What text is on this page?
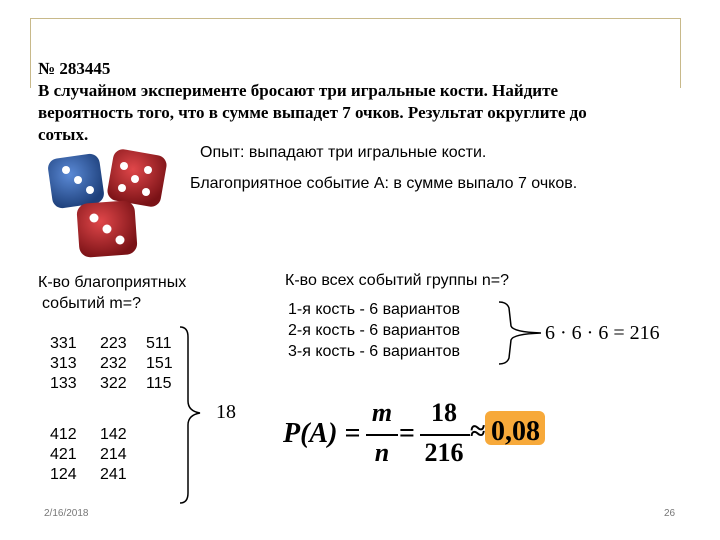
№ 283445
В случайном эксперименте бросают три игральные кости. Найдите
вероятность того, что в сумме выпадет 7 очков. Результат округлите до
сотых.
Опыт: выпадают три игральные кости.
Благоприятное событие А: в сумме выпало 7 очков.
К-во благоприятных
событий m=?
331
313
133
223
232
322
511
151
115
412
421
124
142
214
241
18
К-во всех событий группы n=?
1-я кость - 6 вариантов
2-я кость - 6 вариантов
3-я кость - 6 вариантов
6 · 6 · 6 = 216
P(A) =
m
n
=
18
216
≈ 0,08
2/16/2018	26
